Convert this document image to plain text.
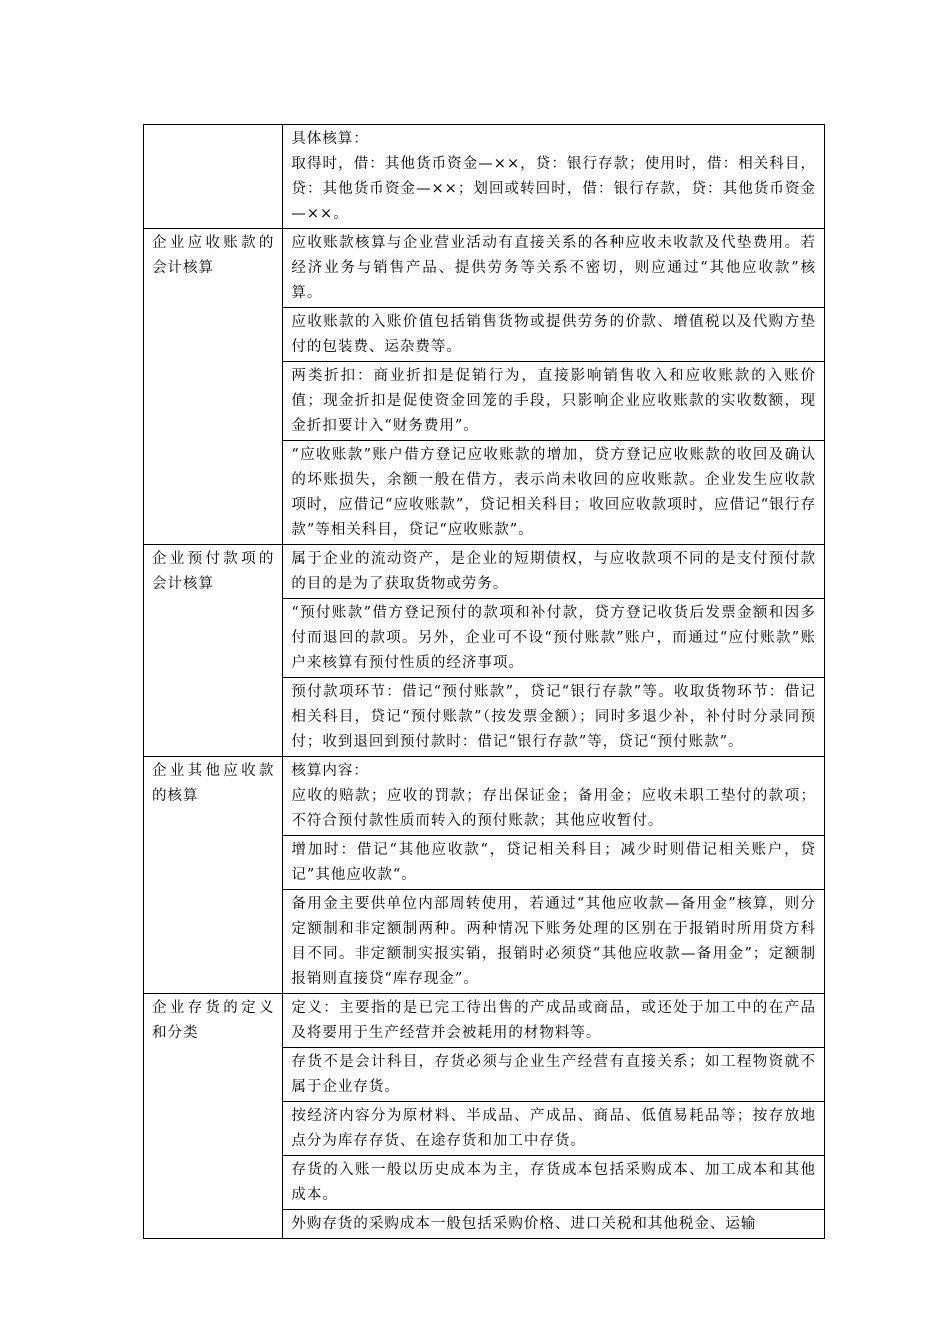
	具体核算：
取得时，借：其他货币资金—××，贷：银行存款；使用时，借：相关科目，贷：其他货币资金—××；划回或转回时，借：银行存款，贷：其他货币资金—××。

企业应收账款的会计核算	应收账款核算与企业营业活动有直接关系的各种应收未收款及代垫费用。若经济业务与销售产品、提供劳务等关系不密切，则应通过“其他应收款”核算。

	应收账款的入账价值包括销售货物或提供劳务的价款、增值税以及代购方垫付的包装费、运杂费等。

	两类折扣：商业折扣是促销行为，直接影响销售收入和应收账款的入账价值；现金折扣是促使资金回笼的手段，只影响企业应收账款的实收数额，现金折扣要计入“财务费用”。

	“应收账款”账户借方登记应收账款的增加，贷方登记应收账款的收回及确认的坏账损失，余额一般在借方，表示尚未收回的应收账款。企业发生应收款项时，应借记“应收账款”，贷记相关科目；收回应收款项时，应借记“银行存款”等相关科目，贷记“应收账款”。

企业预付款项的会计核算	属于企业的流动资产，是企业的短期债权，与应收款项不同的是支付预付款的目的是为了获取货物或劳务。

	“预付账款”借方登记预付的款项和补付款，贷方登记收货后发票金额和因多付而退回的款项。另外，企业可不设“预付账款”账户，而通过“应付账款”账户来核算有预付性质的经济事项。

	预付款项环节：借记“预付账款”，贷记“银行存款”等。收取货物环节：借记相关科目，贷记“预付账款”（按发票金额）；同时多退少补，补付时分录同预付；收到退回到预付款时：借记“银行存款”等，贷记“预付账款”。

企业其他应收款的核算	核算内容：
应收的赔款；应收的罚款；存出保证金；备用金；应收未职工垫付的款项；不符合预付款性质而转入的预付账款；其他应收暂付。

	增加时：借记“其他应收款“，贷记相关科目；减少时则借记相关账户，贷记”其他应收款“。

	备用金主要供单位内部周转使用，若通过“其他应收款—备用金”核算，则分定额制和非定额制两种。两种情况下账务处理的区别在于报销时所用贷方科目不同。非定额制实报实销，报销时必须贷“其他应收款—备用金”；定额制报销则直接贷“库存现金”。

企业存货的定义和分类	定义：主要指的是已完工待出售的产成品或商品，或还处于加工中的在产品及将要用于生产经营并会被耗用的材物料等。

	存货不是会计科目，存货必须与企业生产经营有直接关系；如工程物资就不属于企业存货。

	按经济内容分为原材料、半成品、产成品、商品、低值易耗品等；按存放地点分为库存存货、在途存货和加工中存货。

	存货的入账一般以历史成本为主，存货成本包括采购成本、加工成本和其他成本。

	外购存货的采购成本一般包括采购价格、进口关税和其他税金、运输
